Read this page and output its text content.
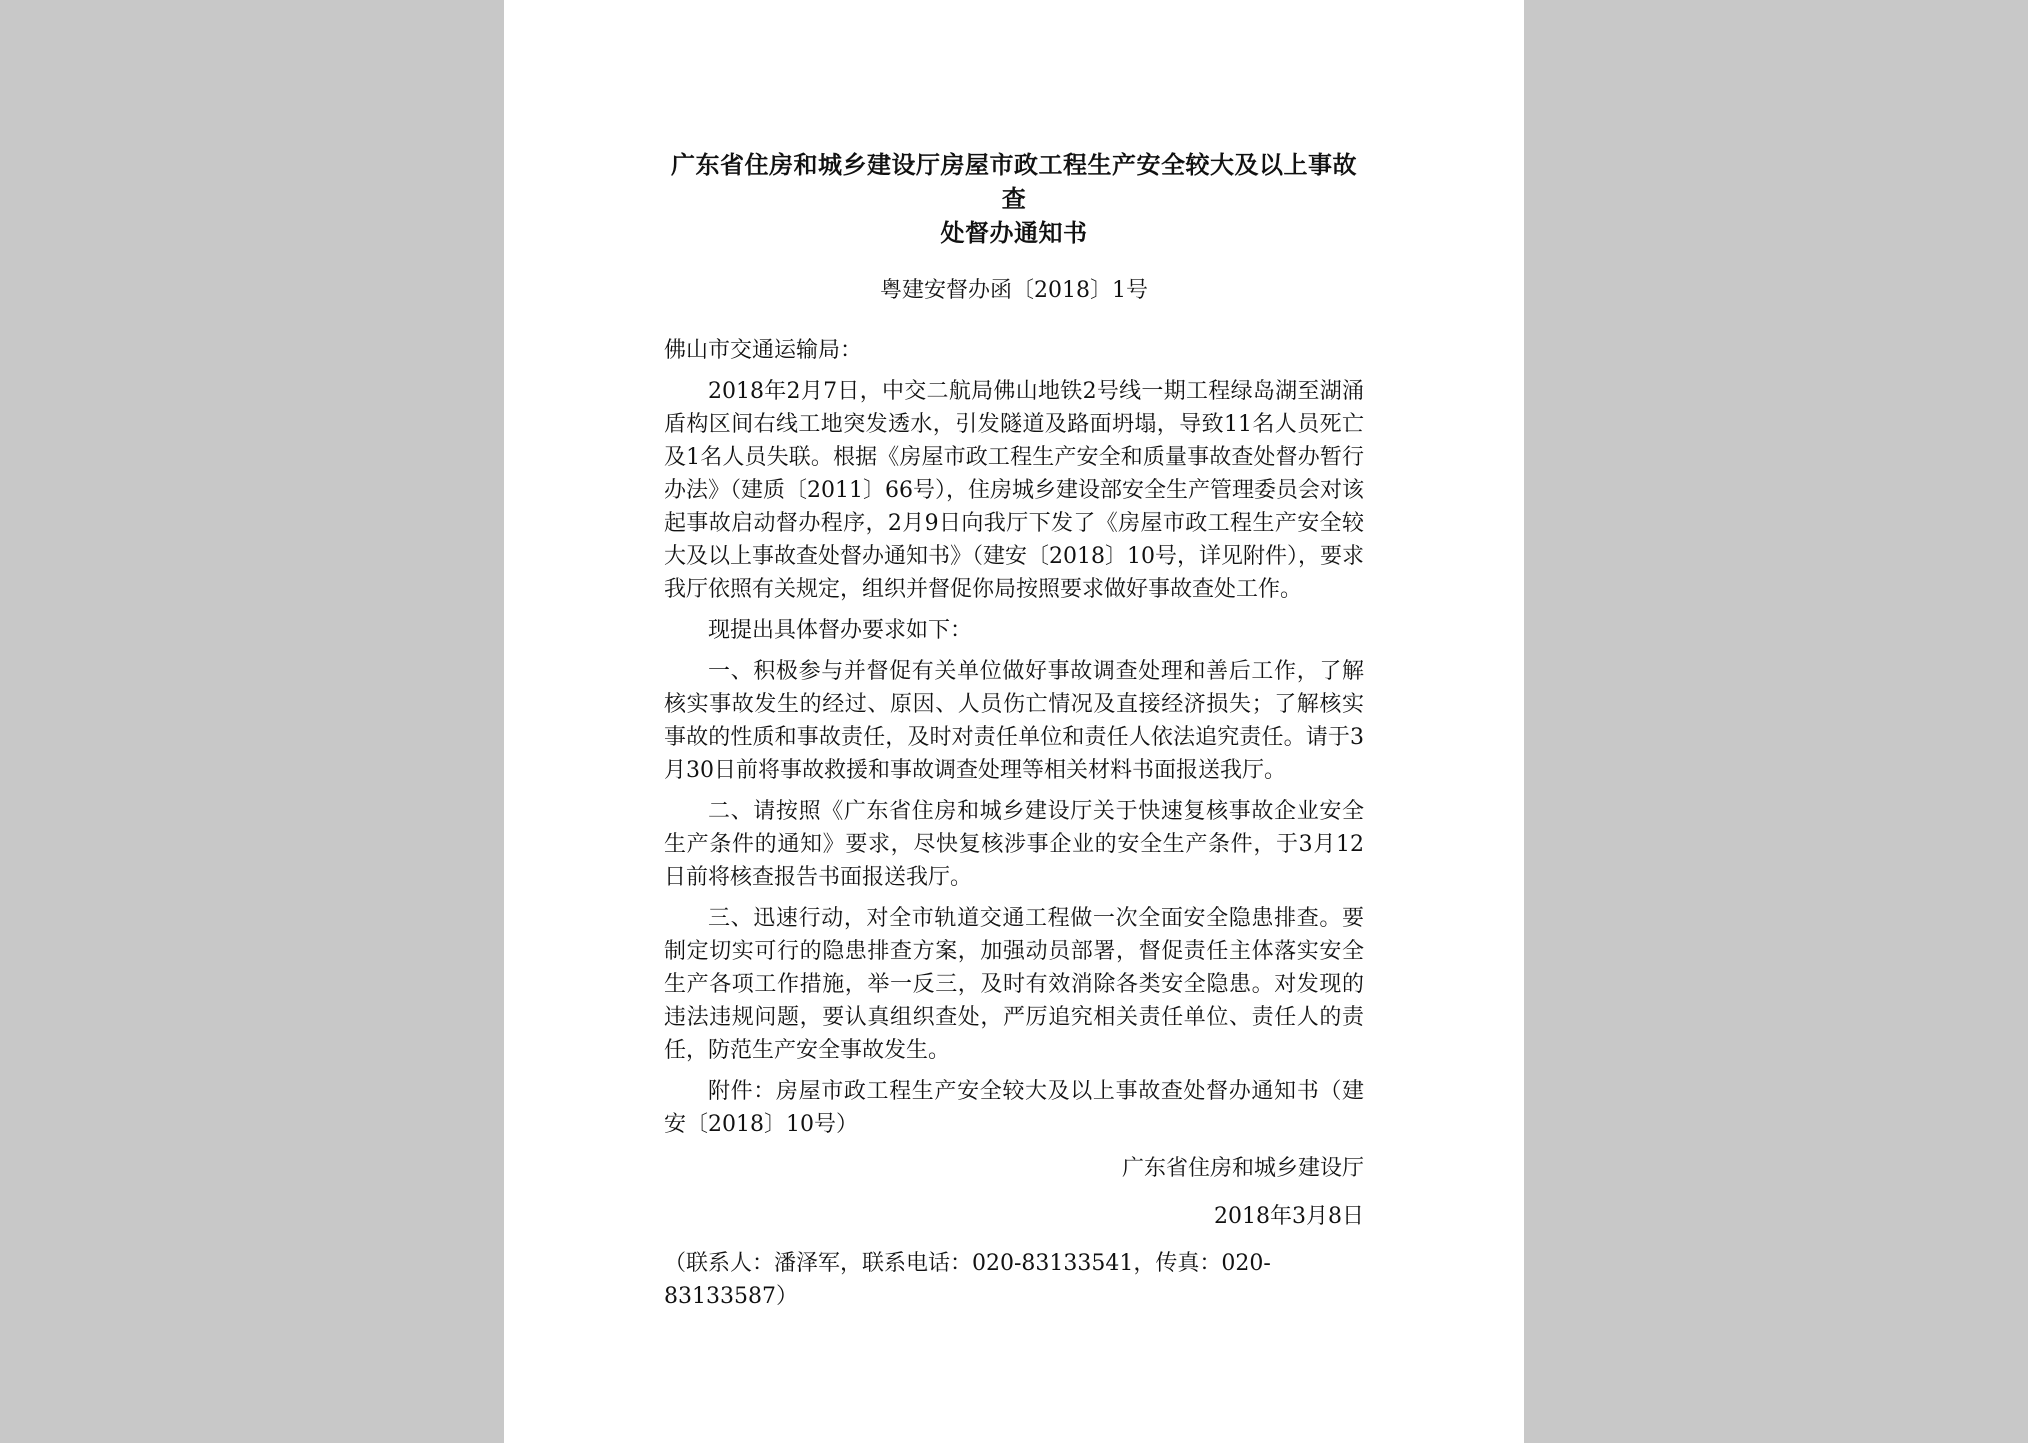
广东省住房和城乡建设厅房屋市政工程生产安全较大及以上事故查
处督办通知书
粤建安督办函〔2018〕1号

佛山市交通运输局：

2018年2月7日，中交二航局佛山地铁2号线一期工程绿岛湖至湖涌盾构区间右线工地突发透水，引发隧道及路面坍塌，导致11名人员死亡及1名人员失联。根据《房屋市政工程生产安全和质量事故查处督办暂行办法》（建质〔2011〕66号），住房城乡建设部安全生产管理委员会对该起事故启动督办程序，2月9日向我厅下发了《房屋市政工程生产安全较大及以上事故查处督办通知书》（建安〔2018〕10号，详见附件），要求我厅依照有关规定，组织并督促你局按照要求做好事故查处工作。

现提出具体督办要求如下：

一、积极参与并督促有关单位做好事故调查处理和善后工作，了解核实事故发生的经过、原因、人员伤亡情况及直接经济损失；了解核实事故的性质和事故责任，及时对责任单位和责任人依法追究责任。请于3月30日前将事故救援和事故调查处理等相关材料书面报送我厅。

二、请按照《广东省住房和城乡建设厅关于快速复核事故企业安全生产条件的通知》要求，尽快复核涉事企业的安全生产条件，于3月12日前将核查报告书面报送我厅。

三、迅速行动，对全市轨道交通工程做一次全面安全隐患排查。要制定切实可行的隐患排查方案，加强动员部署，督促责任主体落实安全生产各项工作措施，举一反三，及时有效消除各类安全隐患。对发现的违法违规问题，要认真组织查处，严厉追究相关责任单位、责任人的责任，防范生产安全事故发生。

附件：房屋市政工程生产安全较大及以上事故查处督办通知书（建安〔2018〕10号）

广东省住房和城乡建设厅

2018年3月8日

（联系人：潘泽军，联系电话：020-83133541，传真：020-83133587）
